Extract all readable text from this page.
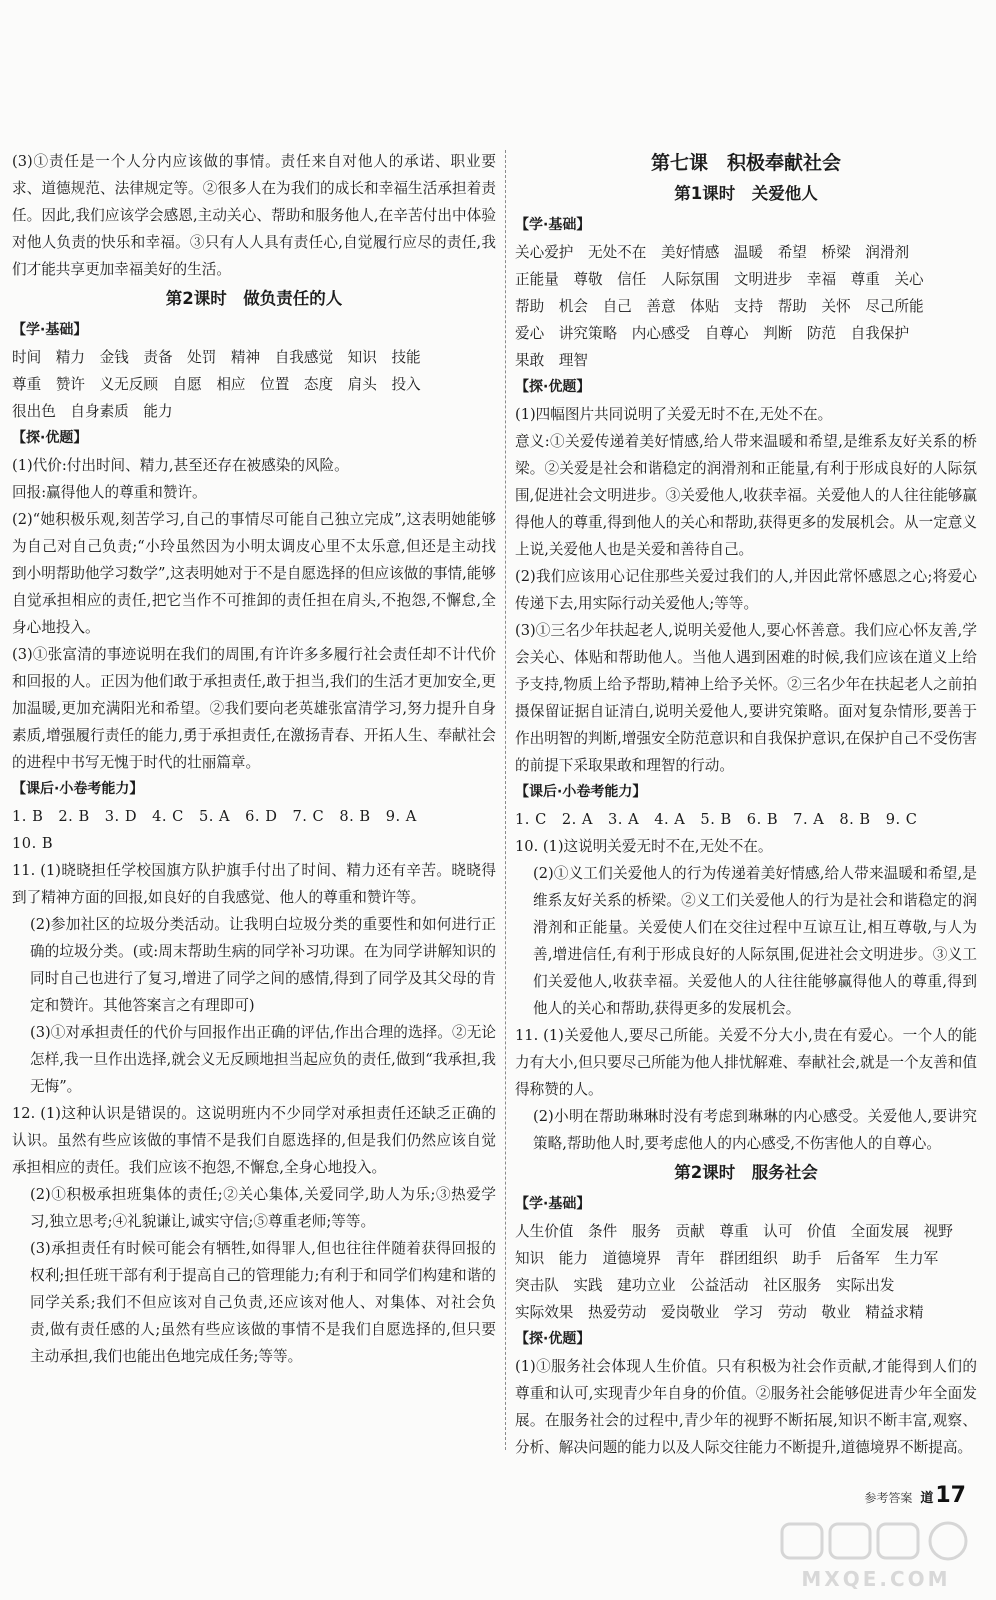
(3)①责任是一个人分内应该做的事情。责任来自对他人的承诺、职业要求、道德规范、法律规定等。②很多人在为我们的成长和幸福生活承担着责任。因此,我们应该学会感恩,主动关心、帮助和服务他人,在辛苦付出中体验对他人负责的快乐和幸福。③只有人人具有责任心,自觉履行应尽的责任,我们才能共享更加幸福美好的生活。

第2课时　做负责任的人

【学·基础】

时间　精力　金钱　责备　处罚　精神　自我感觉　知识　技能

尊重　赞许　义无反顾　自愿　相应　位置　态度　肩头　投入

很出色　自身素质　能力

【探·优题】

(1)代价:付出时间、精力,甚至还存在被感染的风险。

回报:赢得他人的尊重和赞许。

(2)“她积极乐观,刻苦学习,自己的事情尽可能自己独立完成”,这表明她能够为自己对自己负责;“小玲虽然因为小明太调皮心里不太乐意,但还是主动找到小明帮助他学习数学”,这表明她对于不是自愿选择的但应该做的事情,能够自觉承担相应的责任,把它当作不可推卸的责任担在肩头,不抱怨,不懈怠,全身心地投入。

(3)①张富清的事迹说明在我们的周围,有许许多多履行社会责任却不计代价和回报的人。正因为他们敢于承担责任,敢于担当,我们的生活才更加安全,更加温暖,更加充满阳光和希望。②我们要向老英雄张富清学习,努力提升自身素质,增强履行责任的能力,勇于承担责任,在激扬青春、开拓人生、奉献社会的进程中书写无愧于时代的壮丽篇章。

【课后·小卷考能力】

1. B　2. B　3. D　4. C　5. A　6. D　7. C　8. B　9. A

10. B

11. (1)晓晓担任学校国旗方队护旗手付出了时间、精力还有辛苦。晓晓得到了精神方面的回报,如良好的自我感觉、他人的尊重和赞许等。

(2)参加社区的垃圾分类活动。让我明白垃圾分类的重要性和如何进行正确的垃圾分类。(或:周末帮助生病的同学补习功课。在为同学讲解知识的同时自己也进行了复习,增进了同学之间的感情,得到了同学及其父母的肯定和赞许。其他答案言之有理即可)

(3)①对承担责任的代价与回报作出正确的评估,作出合理的选择。②无论怎样,我一旦作出选择,就会义无反顾地担当起应负的责任,做到“我承担,我无悔”。

12. (1)这种认识是错误的。这说明班内不少同学对承担责任还缺乏正确的认识。虽然有些应该做的事情不是我们自愿选择的,但是我们仍然应该自觉承担相应的责任。我们应该不抱怨,不懈怠,全身心地投入。

(2)①积极承担班集体的责任;②关心集体,关爱同学,助人为乐;③热爱学习,独立思考;④礼貌谦让,诚实守信;⑤尊重老师;等等。

(3)承担责任有时候可能会有牺牲,如得罪人,但也往往伴随着获得回报的权利;担任班干部有利于提高自己的管理能力;有利于和同学们构建和谐的同学关系;我们不但应该对自己负责,还应该对他人、对集体、对社会负责,做有责任感的人;虽然有些应该做的事情不是我们自愿选择的,但只要主动承担,我们也能出色地完成任务;等等。

第七课　积极奉献社会
第1课时　关爱他人

【学·基础】

关心爱护　无处不在　美好情感　温暖　希望　桥梁　润滑剂

正能量　尊敬　信任　人际氛围　文明进步　幸福　尊重　关心

帮助　机会　自己　善意　体贴　支持　帮助　关怀　尽己所能

爱心　讲究策略　内心感受　自尊心　判断　防范　自我保护

果敢　理智

【探·优题】

(1)四幅图片共同说明了关爱无时不在,无处不在。

意义:①关爱传递着美好情感,给人带来温暖和希望,是维系友好关系的桥梁。②关爱是社会和谐稳定的润滑剂和正能量,有利于形成良好的人际氛围,促进社会文明进步。③关爱他人,收获幸福。关爱他人的人往往能够赢得他人的尊重,得到他人的关心和帮助,获得更多的发展机会。从一定意义上说,关爱他人也是关爱和善待自己。

(2)我们应该用心记住那些关爱过我们的人,并因此常怀感恩之心;将爱心传递下去,用实际行动关爱他人;等等。

(3)①三名少年扶起老人,说明关爱他人,要心怀善意。我们应心怀友善,学会关心、体贴和帮助他人。当他人遇到困难的时候,我们应该在道义上给予支持,物质上给予帮助,精神上给予关怀。②三名少年在扶起老人之前拍摄保留证据自证清白,说明关爱他人,要讲究策略。面对复杂情形,要善于作出明智的判断,增强安全防范意识和自我保护意识,在保护自己不受伤害的前提下采取果敢和理智的行动。

【课后·小卷考能力】

1. C　2. A　3. A　4. A　5. B　6. B　7. A　8. B　9. C

10. (1)这说明关爱无时不在,无处不在。

(2)①义工们关爱他人的行为传递着美好情感,给人带来温暖和希望,是维系友好关系的桥梁。②义工们关爱他人的行为是社会和谐稳定的润滑剂和正能量。关爱使人们在交往过程中互谅互让,相互尊敬,与人为善,增进信任,有利于形成良好的人际氛围,促进社会文明进步。③义工们关爱他人,收获幸福。关爱他人的人往往能够赢得他人的尊重,得到他人的关心和帮助,获得更多的发展机会。

11. (1)关爱他人,要尽己所能。关爱不分大小,贵在有爱心。一个人的能力有大小,但只要尽己所能为他人排忧解难、奉献社会,就是一个友善和值得称赞的人。

(2)小明在帮助琳琳时没有考虑到琳琳的内心感受。关爱他人,要讲究策略,帮助他人时,要考虑他人的内心感受,不伤害他人的自尊心。

第2课时　服务社会

【学·基础】

人生价值　条件　服务　贡献　尊重　认可　价值　全面发展　视野

知识　能力　道德境界　青年　群团组织　助手　后备军　生力军

突击队　实践　建功立业　公益活动　社区服务　实际出发

实际效果　热爱劳动　爱岗敬业　学习　劳动　敬业　精益求精

【探·优题】

(1)①服务社会体现人生价值。只有积极为社会作贡献,才能得到人们的尊重和认可,实现青少年自身的价值。②服务社会能够促进青少年全面发展。在服务社会的过程中,青少年的视野不断拓展,知识不断丰富,观察、分析、解决问题的能力以及人际交往能力不断提升,道德境界不断提高。

参考答案 道17
MXQE.COM
